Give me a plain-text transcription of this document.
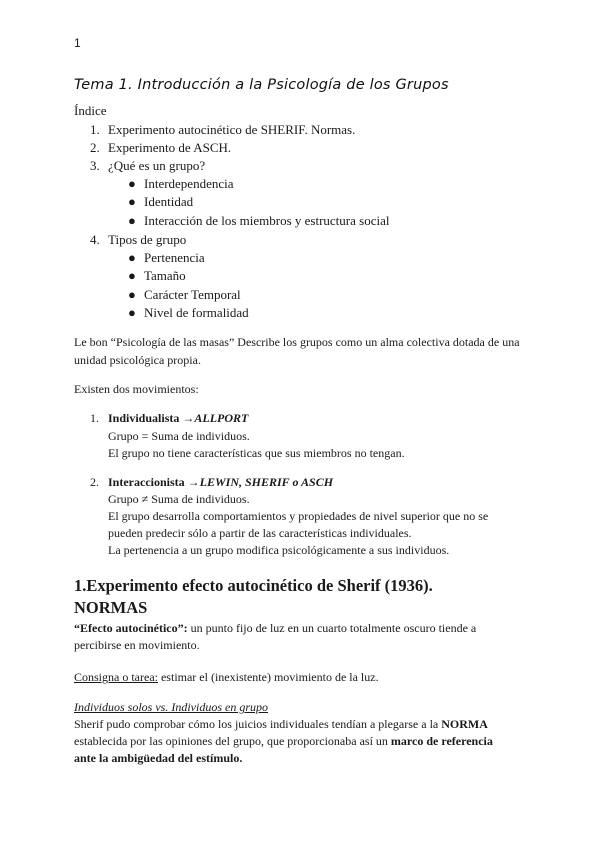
1
Tema 1. Introducción a la Psicología de los Grupos
Índice
1. Experimento autocinético de SHERIF. Normas.
2. Experimento de ASCH.
3. ¿Qué es un grupo?
● Interdependencia
● Identidad
● Interacción de los miembros y estructura social
4. Tipos de grupo
● Pertenencia
● Tamaño
● Carácter Temporal
● Nivel de formalidad
Le bon “Psicología de las masas” Describe los grupos como un alma colectiva dotada de una
unidad psicológica propia.
Existen dos movimientos:
1. Individualista →ALLPORT
Grupo = Suma de individuos.
El grupo no tiene características que sus miembros no tengan.
2. Interaccionista →LEWIN, SHERIF o ASCH
Grupo ≠ Suma de individuos.
El grupo desarrolla comportamientos y propiedades de nivel superior que no se
pueden predecir sólo a partir de las características individuales.
La pertenencia a un grupo modifica psicológicamente a sus individuos.
1.Experimento efecto autocinético de Sherif (1936).
NORMAS
“Efecto autocinético”: un punto fijo de luz en un cuarto totalmente oscuro tiende a
percibirse en movimiento.
Consigna o tarea: estimar el (inexistente) movimiento de la luz.
Individuos solos vs. Individuos en grupo
Sherif pudo comprobar cómo los juicios individuales tendían a plegarse a la NORMA
establecida por las opiniones del grupo, que proporcionaba así un marco de referencia
ante la ambigüedad del estímulo.
